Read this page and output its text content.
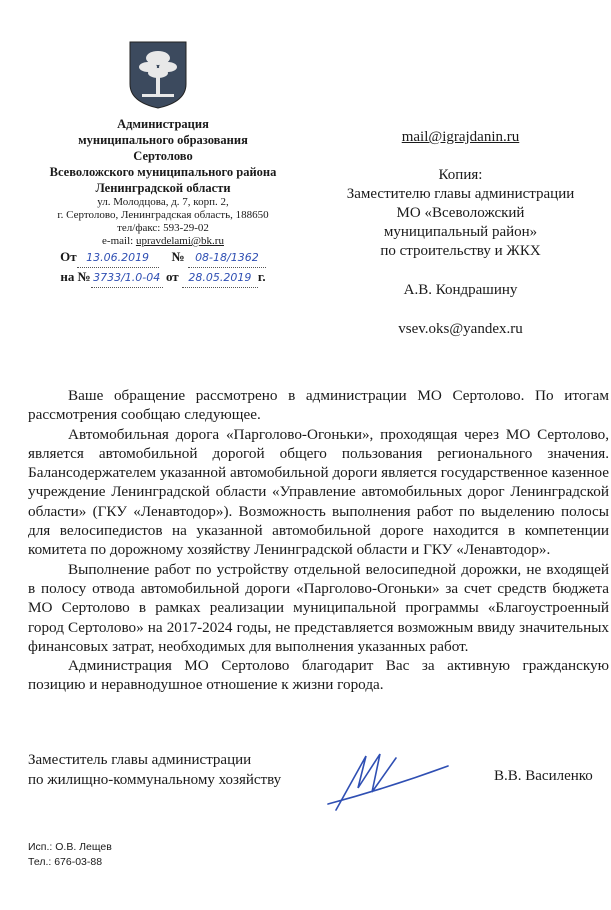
Администрация
муниципального образования
Сертолово
Всеволожского муниципального района
Ленинградской области
ул. Молодцова, д. 7, корп. 2,
г. Сертолово, Ленинградская область, 188650
тел/факс: 593-29-02
e-mail: upravdelami@bk.ru
От 13.06.2019 № 08-18/1362
на № 3733/1.0-04 от 28.05.2019 г.
mail@igrajdanin.ru
Копия:
Заместителю главы администрации
МО «Всеволожский
муниципальный район»
по строительству и ЖКХ
А.В. Кондрашину
vsev.oks@yandex.ru

Ваше обращение рассмотрено в администрации МО Сертолово. По итогам рассмотрения сообщаю следующее.

Автомобильная дорога «Парголово-Огоньки», проходящая через МО Сертолово, является автомобильной дорогой общего пользования регионального значения. Балансодержателем указанной автомобильной дороги является государственное казенное учреждение Ленинградской области «Управление автомобильных дорог Ленинградской области» (ГКУ «Ленавтодор»). Возможность выполнения работ по выделению полосы для велосипедистов на указанной автомобильной дороге находится в компетенции комитета по дорожному хозяйству Ленинградской области и ГКУ «Ленавтодор».

Выполнение работ по устройству отдельной велосипедной дорожки, не входящей в полосу отвода автомобильной дороги «Парголово-Огоньки» за счет средств бюджета МО Сертолово в рамках реализации муниципальной программы «Благоустроенный город Сертолово» на 2017-2024 годы, не представляется возможным ввиду значительных финансовых затрат, необходимых для выполнения указанных работ.

Администрация МО Сертолово благодарит Вас за активную гражданскую позицию и неравнодушное отношение к жизни города.

Заместитель главы администрации
по жилищно-коммунальному хозяйству	В.В. Василенко
Исп.: О.В. Лещев
Тел.: 676-03-88
